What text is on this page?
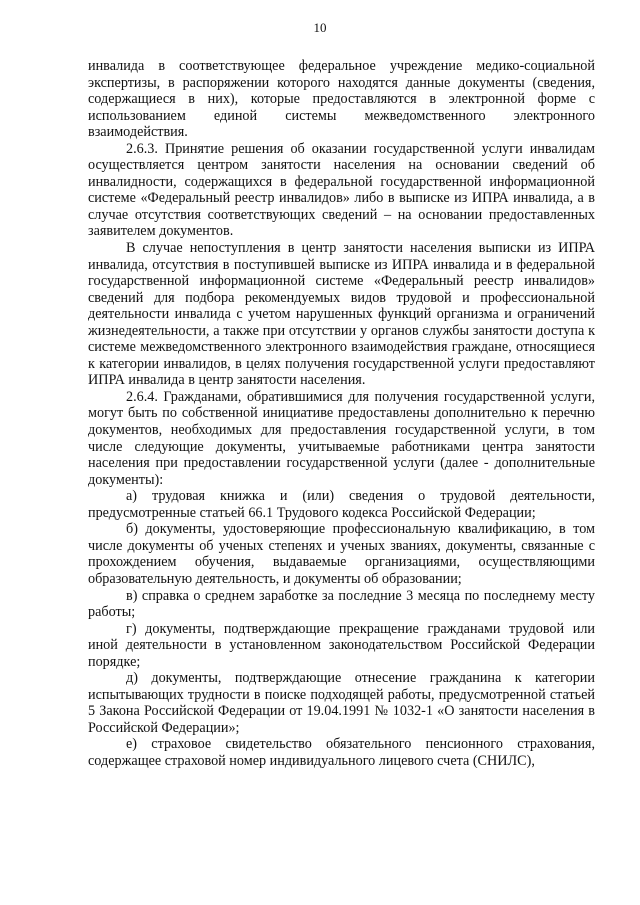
10

инвалида в соответствующее федеральное учреждение медико-социальной экспертизы, в распоряжении которого находятся данные документы (сведения, содержащиеся в них), которые предоставляются в электронной форме с использованием единой системы межведомственного электронного взаимодействия.

2.6.3. Принятие решения об оказании государственной услуги инвалидам осуществляется центром занятости населения на основании сведений об инвалидности, содержащихся в федеральной государственной информационной системе «Федеральный реестр инвалидов» либо в выписке из ИПРА инвалида, а в случае отсутствия соответствующих сведений – на основании предоставленных заявителем документов.

В случае непоступления в центр занятости населения выписки из ИПРА инвалида, отсутствия в поступившей выписке из ИПРА инвалида и в федеральной государственной информационной системе «Федеральный реестр инвалидов» сведений для подбора рекомендуемых видов трудовой и профессиональной деятельности инвалида с учетом нарушенных функций организма и ограничений жизнедеятельности, а также при отсутствии у органов службы занятости доступа к системе межведомственного электронного взаимодействия граждане, относящиеся к категории инвалидов, в целях получения государственной услуги предоставляют ИПРА инвалида в центр занятости населения.

2.6.4. Гражданами, обратившимися для получения государственной услуги, могут быть по собственной инициативе предоставлены дополнительно к перечню документов, необходимых для предоставления государственной услуги, в том числе следующие документы, учитываемые работниками центра занятости населения при предоставлении государственной услуги (далее - дополнительные документы):

а) трудовая книжка и (или) сведения о трудовой деятельности, предусмотренные статьей 66.1 Трудового кодекса Российской Федерации;

б) документы, удостоверяющие профессиональную квалификацию, в том числе документы об ученых степенях и ученых званиях, документы, связанные с прохождением обучения, выдаваемые организациями, осуществляющими образовательную деятельность, и документы об образовании;

в) справка о среднем заработке за последние 3 месяца по последнему месту работы;

г) документы, подтверждающие прекращение гражданами трудовой или иной деятельности в установленном законодательством Российской Федерации порядке;

д) документы, подтверждающие отнесение гражданина к категории испытывающих трудности в поиске подходящей работы, предусмотренной статьей 5 Закона Российской Федерации от 19.04.1991 № 1032-1 «О занятости населения в Российской Федерации»;

е) страховое свидетельство обязательного пенсионного страхования, содержащее страховой номер индивидуального лицевого счета (СНИЛС),
